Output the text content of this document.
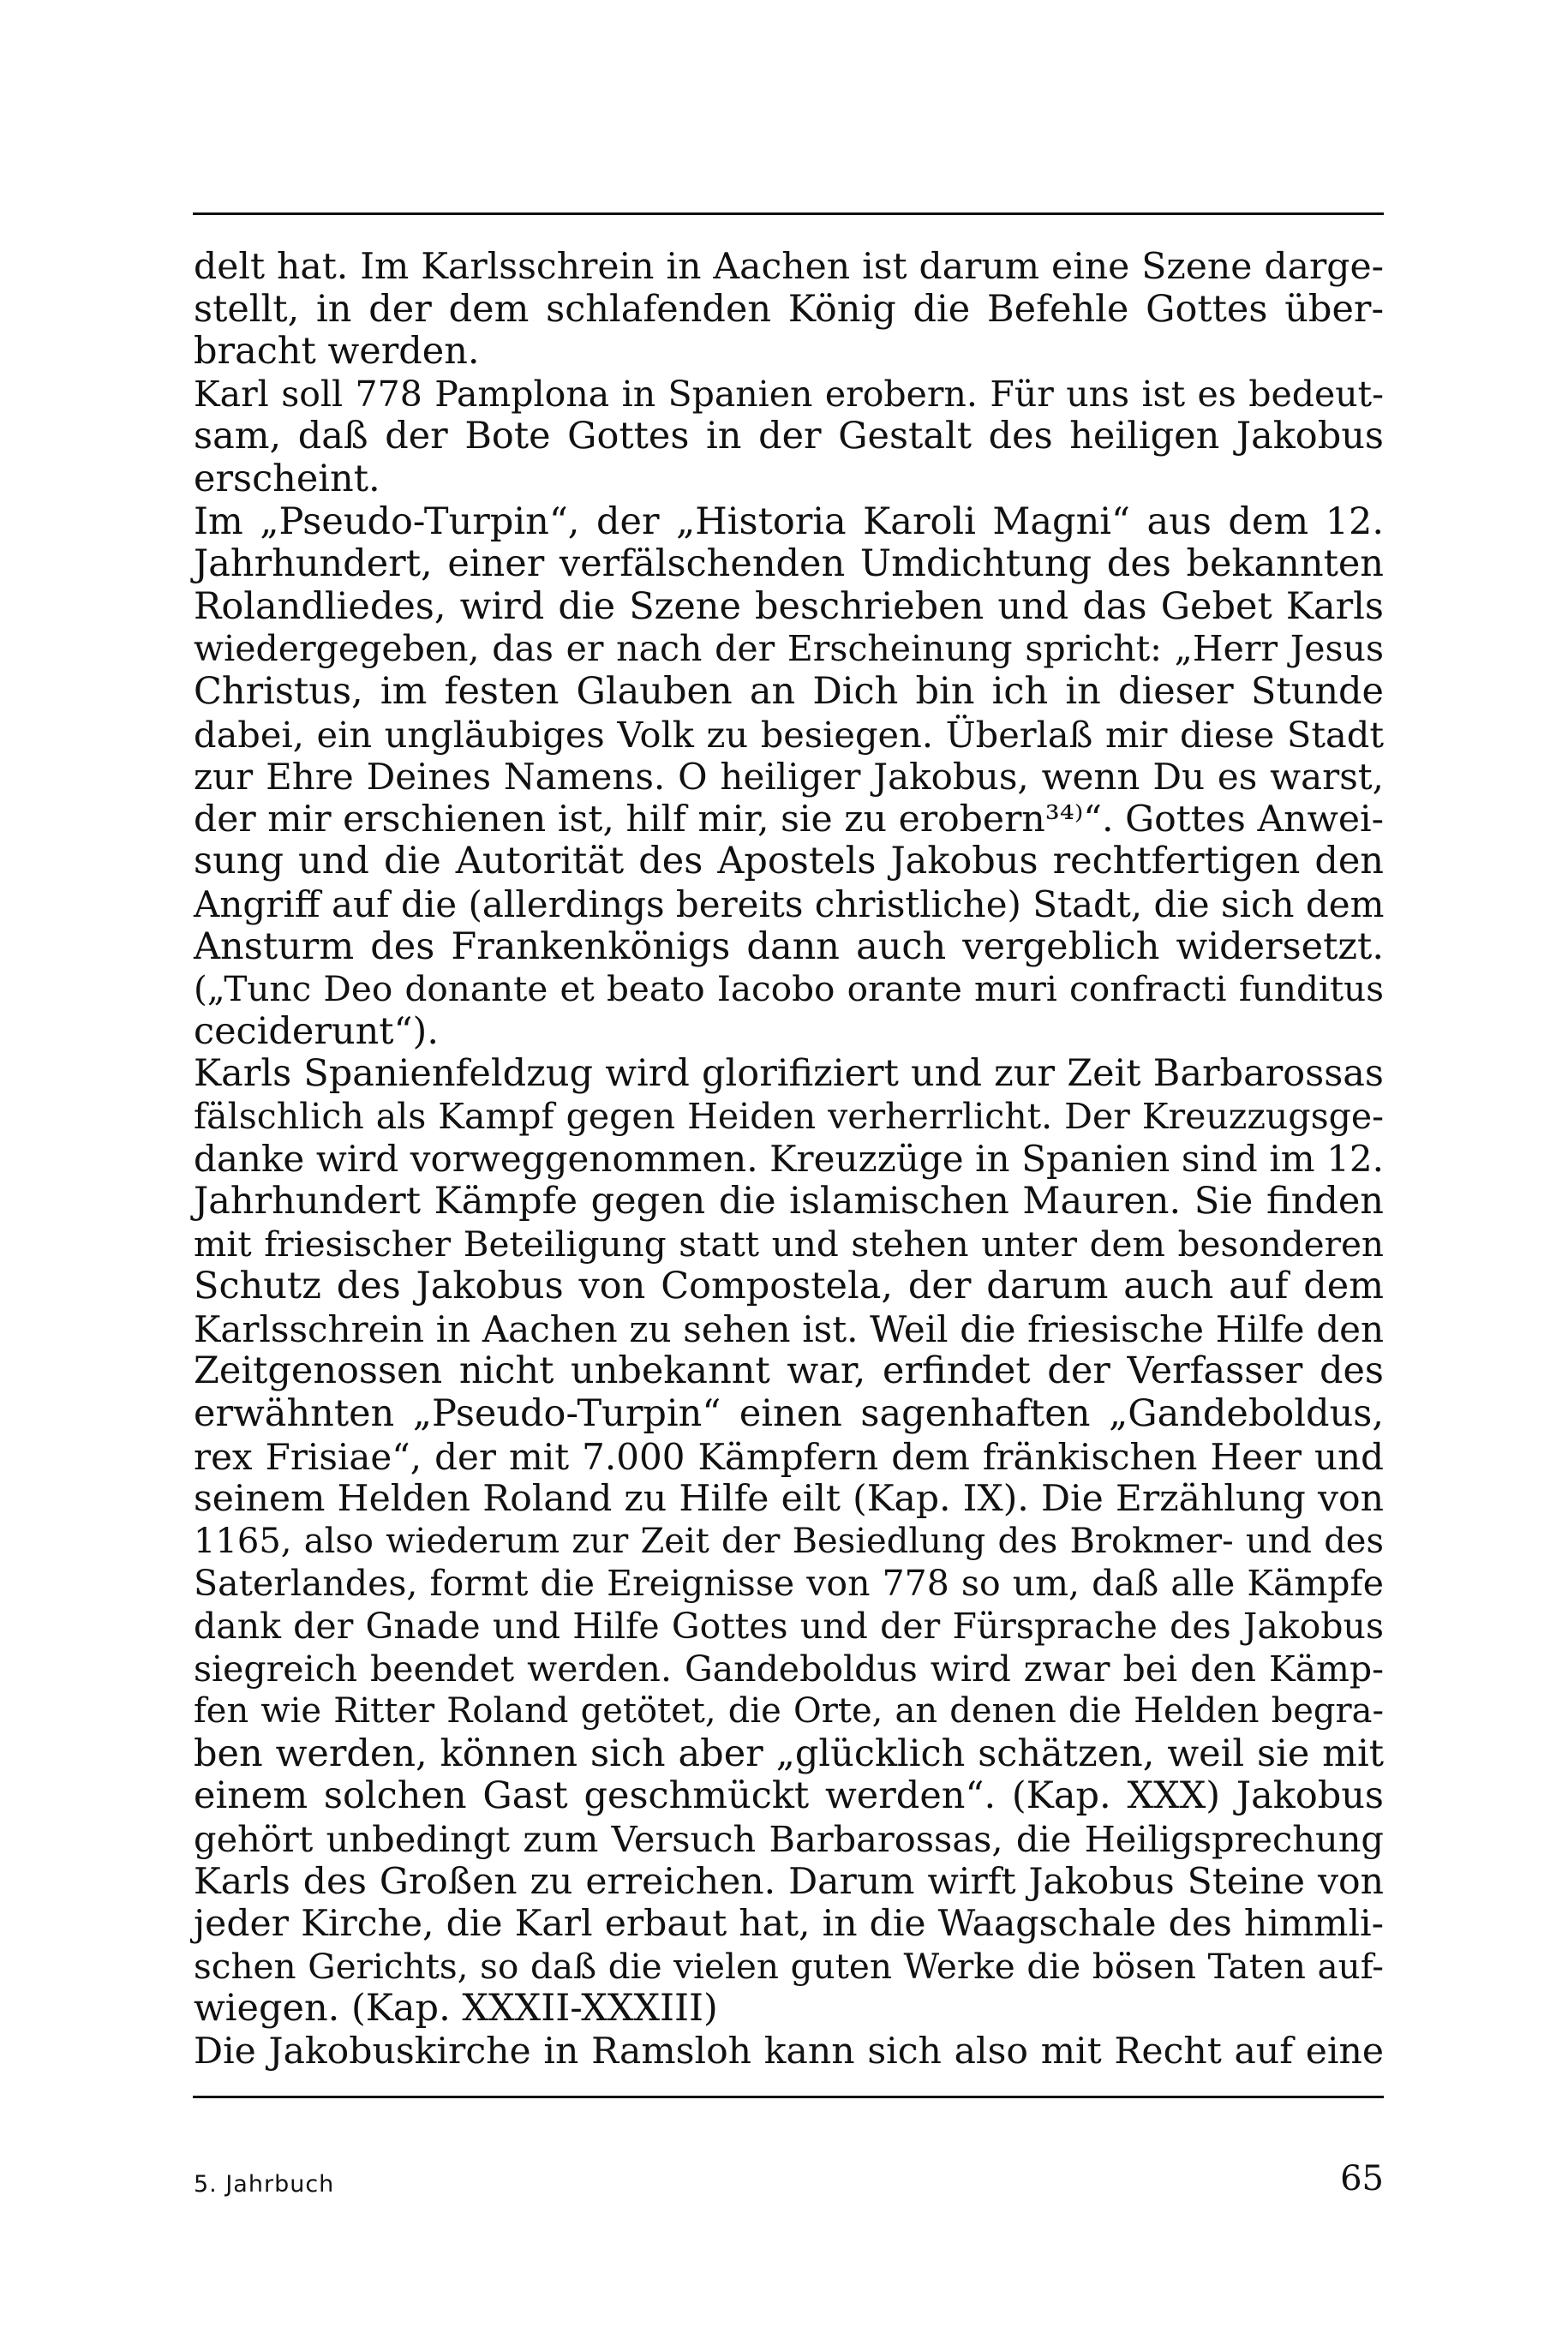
delt hat. Im Karlsschrein in Aachen ist darum eine Szene darge-
stellt, in der dem schlafenden König die Befehle Gottes über-
bracht werden.
Karl soll 778 Pamplona in Spanien erobern. Für uns ist es bedeut-
sam, daß der Bote Gottes in der Gestalt des heiligen Jakobus
erscheint.
Im „Pseudo-Turpin“, der „Historia Karoli Magni“ aus dem 12.
Jahrhundert, einer verfälschenden Umdichtung des bekannten
Rolandliedes, wird die Szene beschrieben und das Gebet Karls
wiedergegeben, das er nach der Erscheinung spricht: „Herr Jesus
Christus, im festen Glauben an Dich bin ich in dieser Stunde
dabei, ein ungläubiges Volk zu besiegen. Überlaß mir diese Stadt
zur Ehre Deines Namens. O heiliger Jakobus, wenn Du es warst,
der mir erschienen ist, hilf mir, sie zu erobern³⁴⁾“. Gottes Anwei-
sung und die Autorität des Apostels Jakobus rechtfertigen den
Angriff auf die (allerdings bereits christliche) Stadt, die sich dem
Ansturm des Frankenkönigs dann auch vergeblich widersetzt.
(„Tunc Deo donante et beato Iacobo orante muri confracti funditus
ceciderunt“).
Karls Spanienfeldzug wird glorifiziert und zur Zeit Barbarossas
fälschlich als Kampf gegen Heiden verherrlicht. Der Kreuzzugsge-
danke wird vorweggenommen. Kreuzzüge in Spanien sind im 12.
Jahrhundert Kämpfe gegen die islamischen Mauren. Sie finden
mit friesischer Beteiligung statt und stehen unter dem besonderen
Schutz des Jakobus von Compostela, der darum auch auf dem
Karlsschrein in Aachen zu sehen ist. Weil die friesische Hilfe den
Zeitgenossen nicht unbekannt war, erfindet der Verfasser des
erwähnten „Pseudo-Turpin“ einen sagenhaften „Gandeboldus,
rex Frisiae“, der mit 7.000 Kämpfern dem fränkischen Heer und
seinem Helden Roland zu Hilfe eilt (Kap. IX). Die Erzählung von
1165, also wiederum zur Zeit der Besiedlung des Brokmer- und des
Saterlandes, formt die Ereignisse von 778 so um, daß alle Kämpfe
dank der Gnade und Hilfe Gottes und der Fürsprache des Jakobus
siegreich beendet werden. Gandeboldus wird zwar bei den Kämp-
fen wie Ritter Roland getötet, die Orte, an denen die Helden begra-
ben werden, können sich aber „glücklich schätzen, weil sie mit
einem solchen Gast geschmückt werden“. (Kap. XXX) Jakobus
gehört unbedingt zum Versuch Barbarossas, die Heiligsprechung
Karls des Großen zu erreichen. Darum wirft Jakobus Steine von
jeder Kirche, die Karl erbaut hat, in die Waagschale des himmli-
schen Gerichts, so daß die vielen guten Werke die bösen Taten auf-
wiegen. (Kap. XXXII-XXXIII)
Die Jakobuskirche in Ramsloh kann sich also mit Recht auf eine
5. Jahrbuch	65
